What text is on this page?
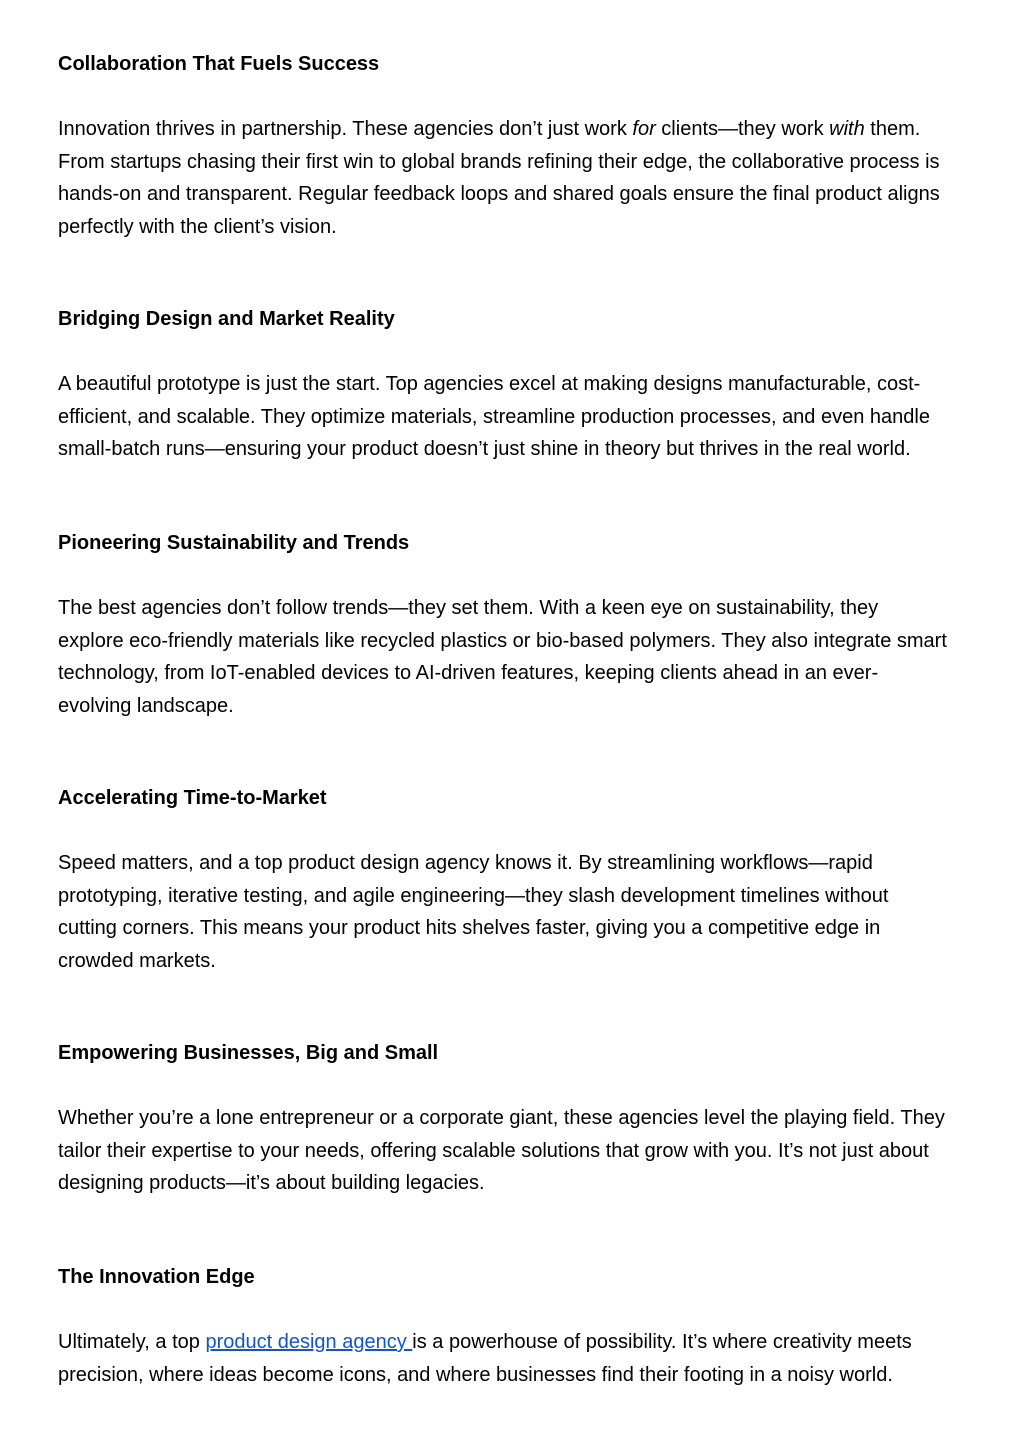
Collaboration That Fuels Success

Innovation thrives in partnership. These agencies don’t just work for clients—they work with them.
From startups chasing their first win to global brands refining their edge, the collaborative process is
hands-on and transparent. Regular feedback loops and shared goals ensure the final product aligns
perfectly with the client’s vision.

Bridging Design and Market Reality

A beautiful prototype is just the start. Top agencies excel at making designs manufacturable, cost-
efficient, and scalable. They optimize materials, streamline production processes, and even handle
small-batch runs—ensuring your product doesn’t just shine in theory but thrives in the real world.

Pioneering Sustainability and Trends

The best agencies don’t follow trends—they set them. With a keen eye on sustainability, they
explore eco-friendly materials like recycled plastics or bio-based polymers. They also integrate smart
technology, from IoT-enabled devices to AI-driven features, keeping clients ahead in an ever-
evolving landscape.

Accelerating Time-to-Market

Speed matters, and a top product design agency knows it. By streamlining workflows—rapid
prototyping, iterative testing, and agile engineering—they slash development timelines without
cutting corners. This means your product hits shelves faster, giving you a competitive edge in
crowded markets.

Empowering Businesses, Big and Small

Whether you’re a lone entrepreneur or a corporate giant, these agencies level the playing field. They
tailor their expertise to your needs, offering scalable solutions that grow with you. It’s not just about
designing products—it’s about building legacies.

The Innovation Edge

Ultimately, a top product design agency is a powerhouse of possibility. It’s where creativity meets
precision, where ideas become icons, and where businesses find their footing in a noisy world.
